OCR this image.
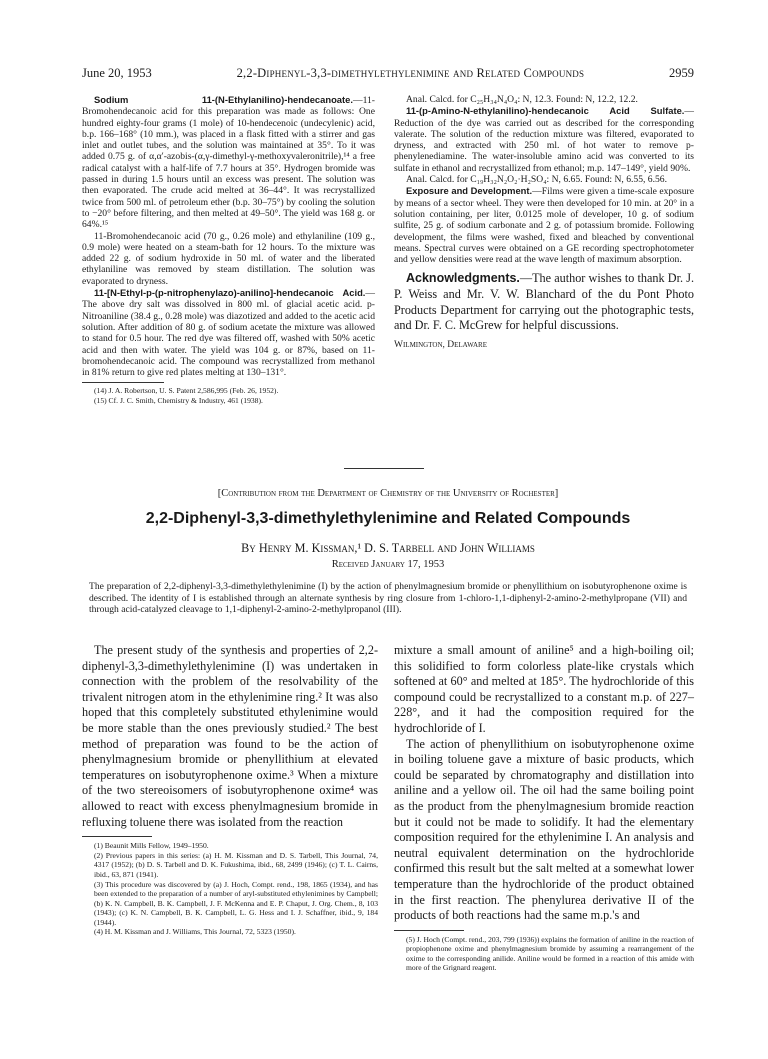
June 20, 1953	2,2-Diphenyl-3,3-dimethylethylenimine and Related Compounds	2959

Sodium 11-(N-Ethylanilino)-hendecanoate.—11-Bromohendecanoic acid for this preparation was made as follows: One hundred eighty-four grams (1 mole) of 10-hendecenoic (undecylenic) acid, b.p. 166–168° (10 mm.), was placed in a flask fitted with a stirrer and gas inlet and outlet tubes, and the solution was maintained at 35°. To it was added 0.75 g. of α,α′-azobis-(α,γ-dimethyl-γ-methoxyvaleronitrile),¹⁴ a free radical catalyst with a half-life of 7.7 hours at 35°. Hydrogen bromide was passed in during 1.5 hours until an excess was present. The solution was then evaporated. The crude acid melted at 36–44°. It was recrystallized twice from 500 ml. of petroleum ether (b.p. 30–75°) by cooling the solution to −20° before filtering, and then melted at 49–50°. The yield was 168 g. or 64%.¹⁵

11-Bromohendecanoic acid (70 g., 0.26 mole) and ethylaniline (109 g., 0.9 mole) were heated on a steam-bath for 12 hours. To the mixture was added 22 g. of sodium hydroxide in 50 ml. of water and the liberated ethylaniline was removed by steam distillation. The solution was evaporated to dryness.

11-[N-Ethyl-p-(p-nitrophenylazo)-anilino]-hendecanoic Acid.—The above dry salt was dissolved in 800 ml. of glacial acetic acid. p-Nitroaniline (38.4 g., 0.28 mole) was diazotized and added to the acetic acid solution. After addition of 80 g. of sodium acetate the mixture was allowed to stand for 0.5 hour. The red dye was filtered off, washed with 50% acetic acid and then with water. The yield was 104 g. or 87%, based on 11-bromohendecanoic acid. The compound was recrystallized from methanol in 81% return to give red plates melting at 130–131°.

(14) J. A. Robertson, U. S. Patent 2,586,995 (Feb. 26, 1952).

(15) Cf. J. C. Smith, Chemistry & Industry, 461 (1938).

Anal. Calcd. for C₂₅H₃₄N₄O₄: N, 12.3. Found: N, 12.2, 12.2.

11-(p-Amino-N-ethylanilino)-hendecanoic Acid Sulfate.—Reduction of the dye was carried out as described for the corresponding valerate. The solution of the reduction mixture was filtered, evaporated to dryness, and extracted with 250 ml. of hot water to remove p-phenylenediamine. The water-insoluble amino acid was converted to its sulfate in ethanol and recrystallized from ethanol; m.p. 147–149°, yield 90%.

Anal. Calcd. for C₁₉H₃₂N₂O₂·H₂SO₄: N, 6.65. Found: N, 6.55, 6.56.

Exposure and Development.—Films were given a time-scale exposure by means of a sector wheel. They were then developed for 10 min. at 20° in a solution containing, per liter, 0.0125 mole of developer, 10 g. of sodium sulfite, 25 g. of sodium carbonate and 2 g. of potassium bromide. Following development, the films were washed, fixed and bleached by conventional means. Spectral curves were obtained on a GE recording spectrophotometer and yellow densities were read at the wave length of maximum absorption.

Acknowledgments.—The author wishes to thank Dr. J. P. Weiss and Mr. V. W. Blanchard of the du Pont Photo Products Department for carrying out the photographic tests, and Dr. F. C. McGrew for helpful discussions.

Wilmington, Delaware

[Contribution from the Department of Chemistry of the University of Rochester]
2,2-Diphenyl-3,3-dimethylethylenimine and Related Compounds
By Henry M. Kissman,¹ D. S. Tarbell and John Williams
Received January 17, 1953
The preparation of 2,2-diphenyl-3,3-dimethylethylenimine (I) by the action of phenylmagnesium bromide or phenyllithium on isobutyrophenone oxime is described. The identity of I is established through an alternate synthesis by ring closure from 1-chloro-1,1-diphenyl-2-amino-2-methylpropane (VII) and through acid-catalyzed cleavage to 1,1-diphenyl-2-amino-2-methylpropanol (III).

The present study of the synthesis and properties of 2,2-diphenyl-3,3-dimethylethylenimine (I) was undertaken in connection with the problem of the resolvability of the trivalent nitrogen atom in the ethylenimine ring.² It was also hoped that this completely substituted ethylenimine would be more stable than the ones previously studied.² The best method of preparation was found to be the action of phenylmagnesium bromide or phenyllithium at elevated temperatures on isobutyrophenone oxime.³ When a mixture of the two stereoisomers of isobutyrophenone oxime⁴ was allowed to react with excess phenylmagnesium bromide in refluxing toluene there was isolated from the reaction

(1) Beaunit Mills Fellow, 1949–1950.

(2) Previous papers in this series: (a) H. M. Kissman and D. S. Tarbell, This Journal, 74, 4317 (1952); (b) D. S. Tarbell and D. K. Fukushima, ibid., 68, 2499 (1946); (c) T. L. Cairns, ibid., 63, 871 (1941).

(3) This procedure was discovered by (a) J. Hoch, Compt. rend., 198, 1865 (1934), and has been extended to the preparation of a number of aryl-substituted ethylenimines by Campbell; (b) K. N. Campbell, B. K. Campbell, J. F. McKenna and E. P. Chaput, J. Org. Chem., 8, 103 (1943); (c) K. N. Campbell, B. K. Campbell, L. G. Hess and I. J. Schaffner, ibid., 9, 184 (1944).

(4) H. M. Kissman and J. Williams, This Journal, 72, 5323 (1950).

mixture a small amount of aniline⁵ and a high-boiling oil; this solidified to form colorless plate-like crystals which softened at 60° and melted at 185°. The hydrochloride of this compound could be recrystallized to a constant m.p. of 227–228°, and it had the composition required for the hydrochloride of I.

The action of phenyllithium on isobutyrophenone oxime in boiling toluene gave a mixture of basic products, which could be separated by chromatography and distillation into aniline and a yellow oil. The oil had the same boiling point as the product from the phenylmagnesium bromide reaction but it could not be made to solidify. It had the elementary composition required for the ethylenimine I. An analysis and neutral equivalent determination on the hydrochloride confirmed this result but the salt melted at a somewhat lower temperature than the hydrochloride of the product obtained in the first reaction. The phenylurea derivative II of the products of both reactions had the same m.p.'s and

(5) J. Hoch (Compt. rend., 203, 799 (1936)) explains the formation of aniline in the reaction of propiophenone oxime and phenylmagnesium bromide by assuming a rearrangement of the oxime to the corresponding anilide. Aniline would be formed in a reaction of this amide with more of the Grignard reagent.
